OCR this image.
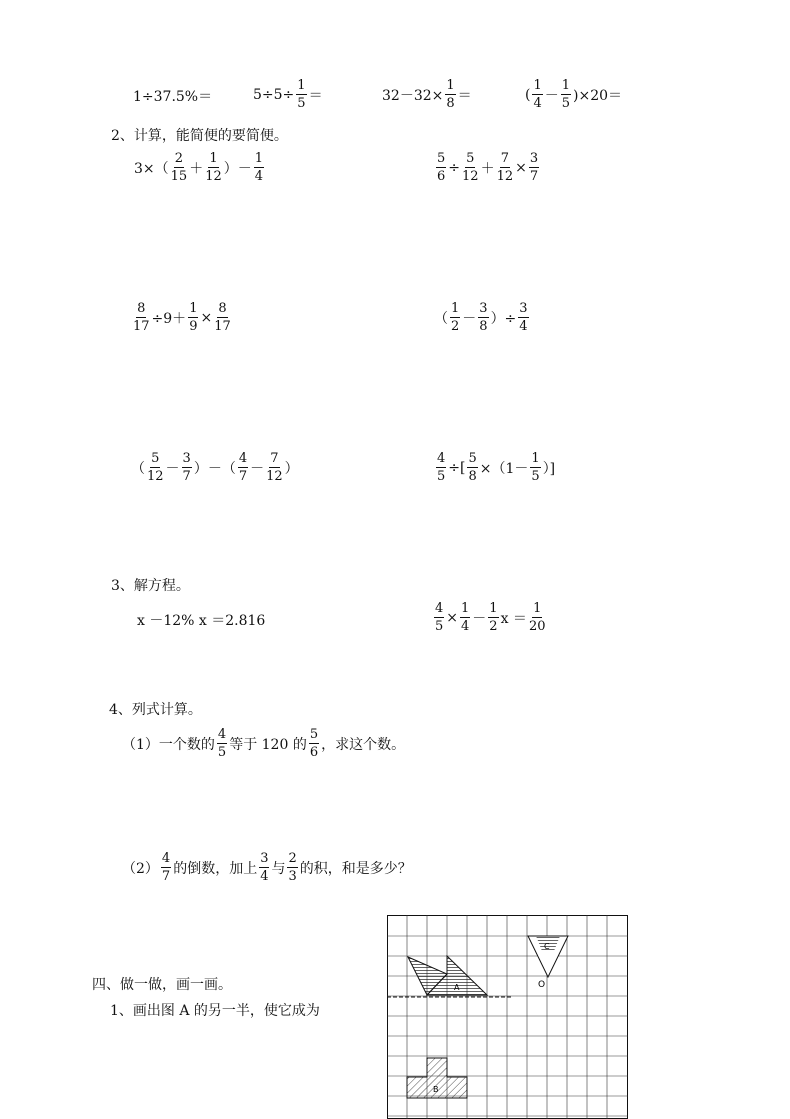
1÷37.5%＝	$5\div 5\div \frac{1}{5}$ ＝	$32-32\times \frac{1}{8}$ ＝	( $\frac{1}{4} - \frac{1}{5} )\times 20=$
2、计算，能简便的要简便。
$3\times( \frac{2}{15} + \frac{1}{12}$ ）－ $\frac{1}{4}$	$\frac{5}{6} \div \frac{5}{12} + \frac{7}{12} \times \frac{3}{7}$
$\frac{8}{17} \div 9+ \frac{1}{9} \times \frac{8}{17}$	（ $\frac{1}{2} - \frac{3}{8}$ ）÷ $\frac{3}{4}$
（ $\frac{5}{12} - \frac{3}{7}$ ）－（ $\frac{4}{7} - \frac{7}{12}$ ）	$\frac{4}{5}$ ÷[ $\frac{5}{8} \times(1- \frac{1}{5}$ ）]
3、解方程。
x －12% x ＝2.816	$\frac{4}{5} \times \frac{1}{4} - \frac{1}{2}$ $x = \frac{1}{20}$
4、列式计算。
（1）一个数的 $\frac{4}{5}$ 等于 120 的 $\frac{5}{6}$ ，求这个数。
$(2) \frac{4}{7}$ 的倒数，加上 $\frac{3}{4}$ 与 $\frac{2}{3}$ 的积，和是多少？
四、做一做，画一画。
1、画出图 A 的另一半，使它成为
A
C
O
B
